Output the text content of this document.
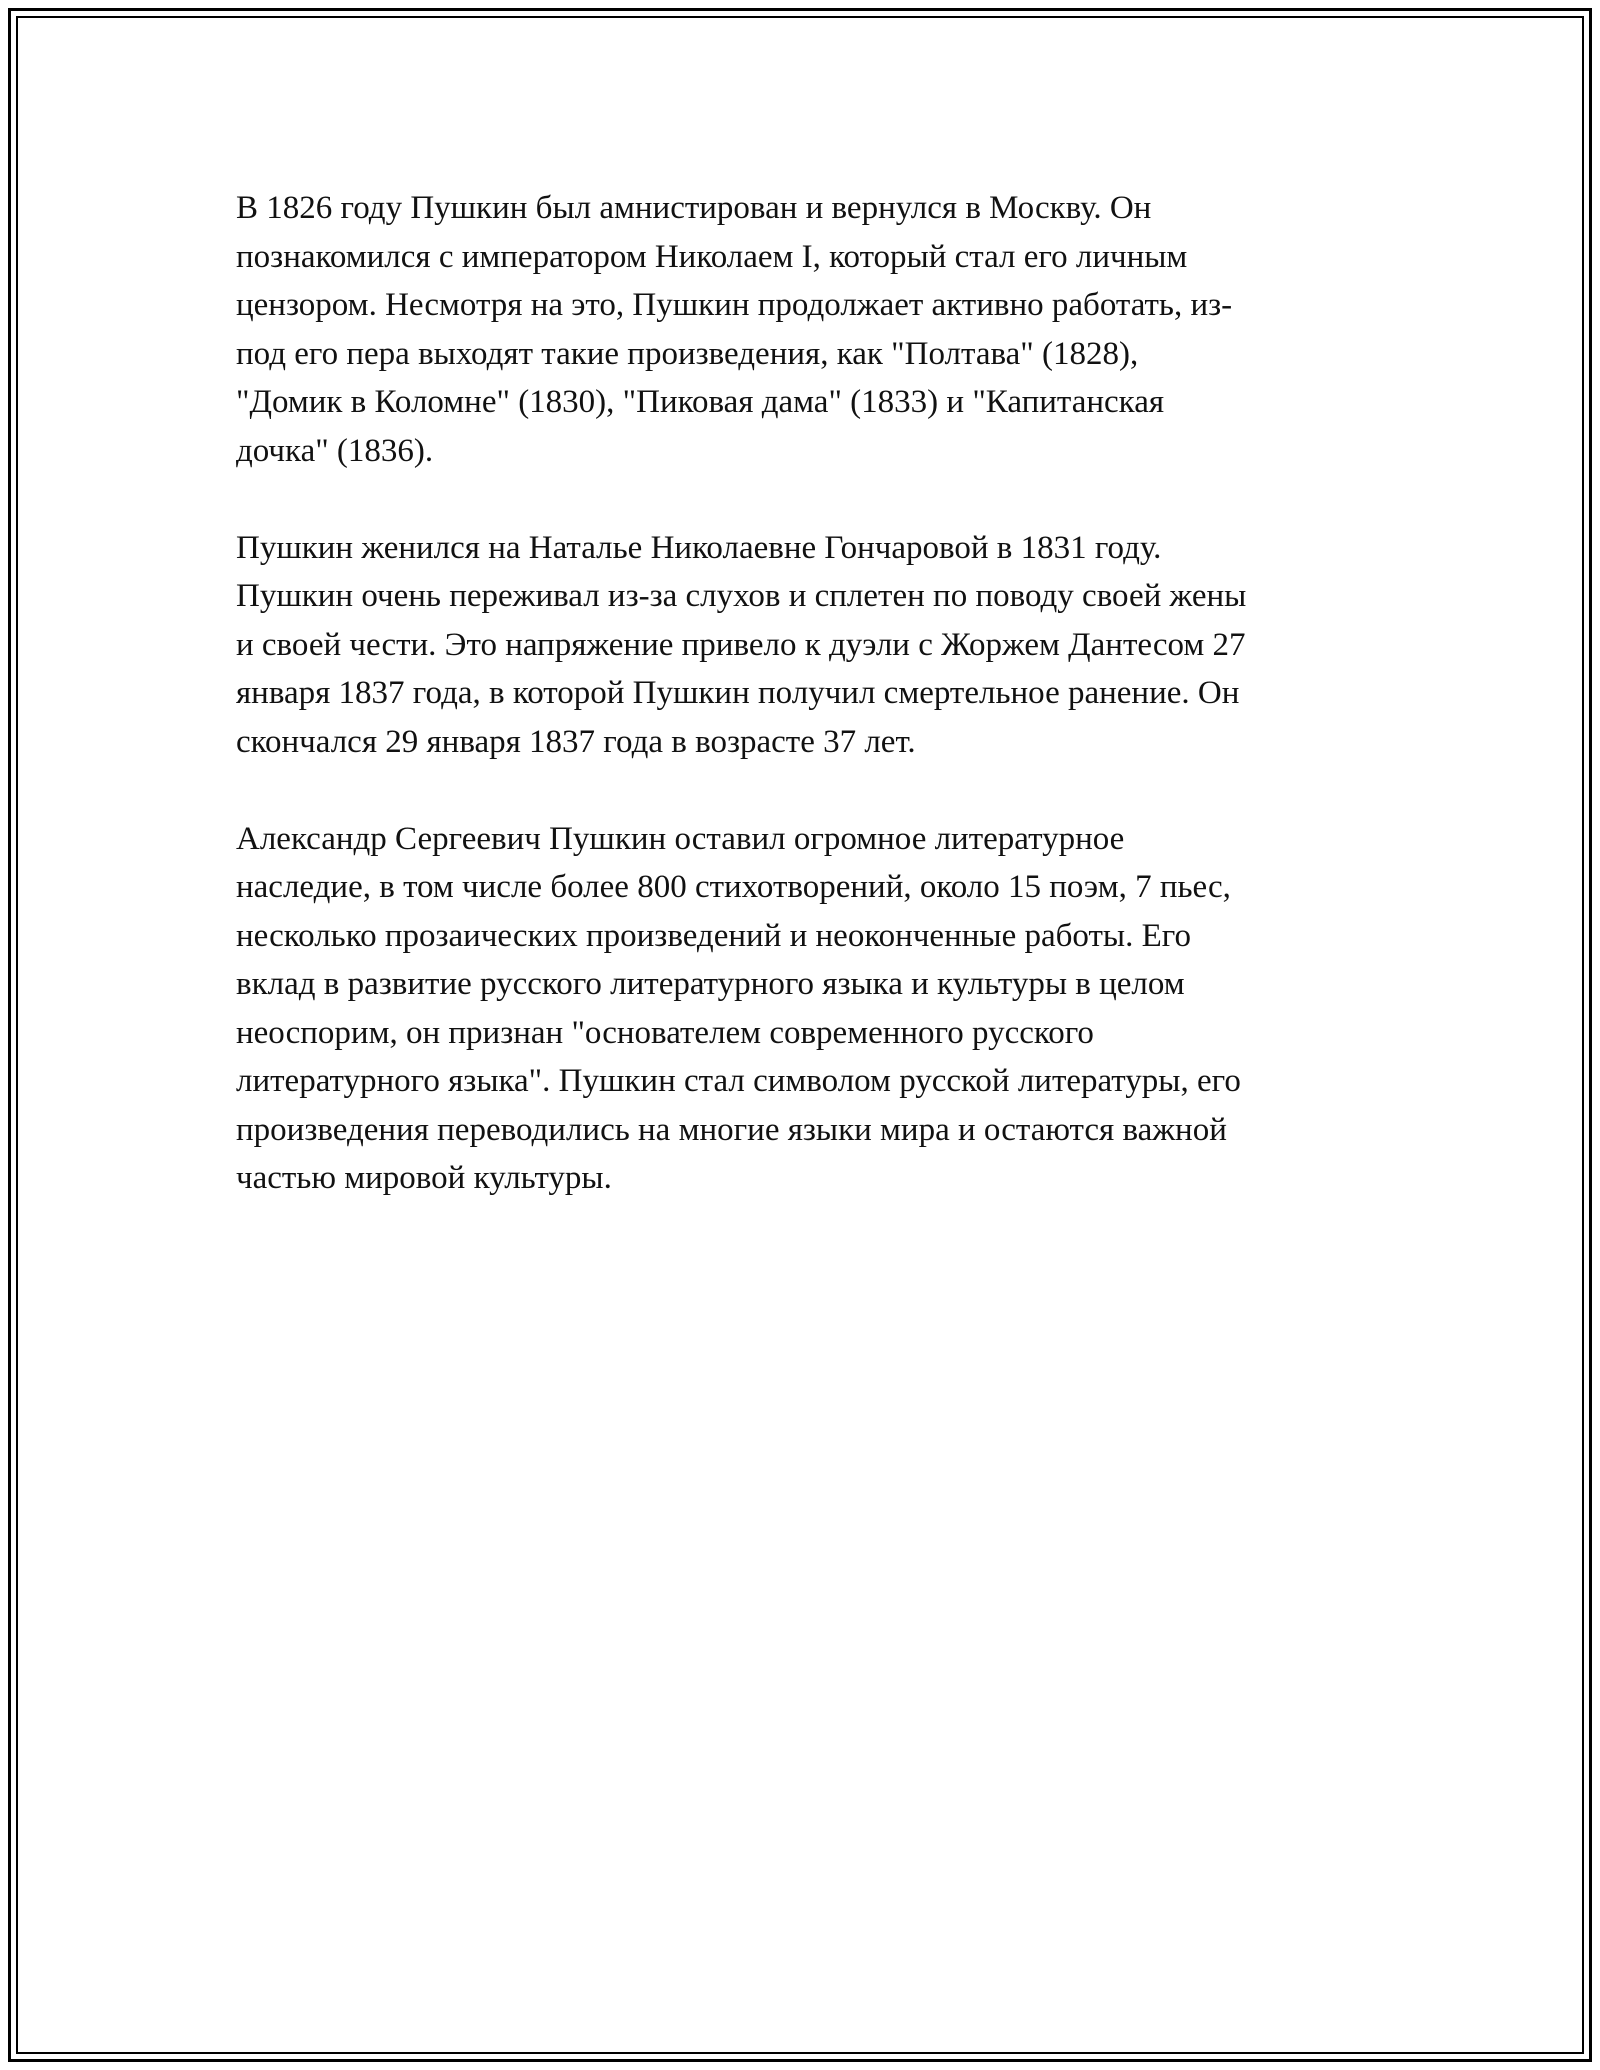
В 1826 году Пушкин был амнистирован и вернулся в Москву. Он
познакомился с императором Николаем I, который стал его личным
цензором. Несмотря на это, Пушкин продолжает активно работать, из-
под его пера выходят такие произведения, как "Полтава" (1828),
"Домик в Коломне" (1830), "Пиковая дама" (1833) и "Капитанская
дочка" (1836).

Пушкин женился на Наталье Николаевне Гончаровой в 1831 году.
Пушкин очень переживал из-за слухов и сплетен по поводу своей жены
и своей чести. Это напряжение привело к дуэли с Жоржем Дантесом 27
января 1837 года, в которой Пушкин получил смертельное ранение. Он
скончался 29 января 1837 года в возрасте 37 лет.

Александр Сергеевич Пушкин оставил огромное литературное
наследие, в том числе более 800 стихотворений, около 15 поэм, 7 пьес,
несколько прозаических произведений и неоконченные работы. Его
вклад в развитие русского литературного языка и культуры в целом
неоспорим, он признан "основателем современного русского
литературного языка". Пушкин стал символом русской литературы, его
произведения переводились на многие языки мира и остаются важной
частью мировой культуры.
